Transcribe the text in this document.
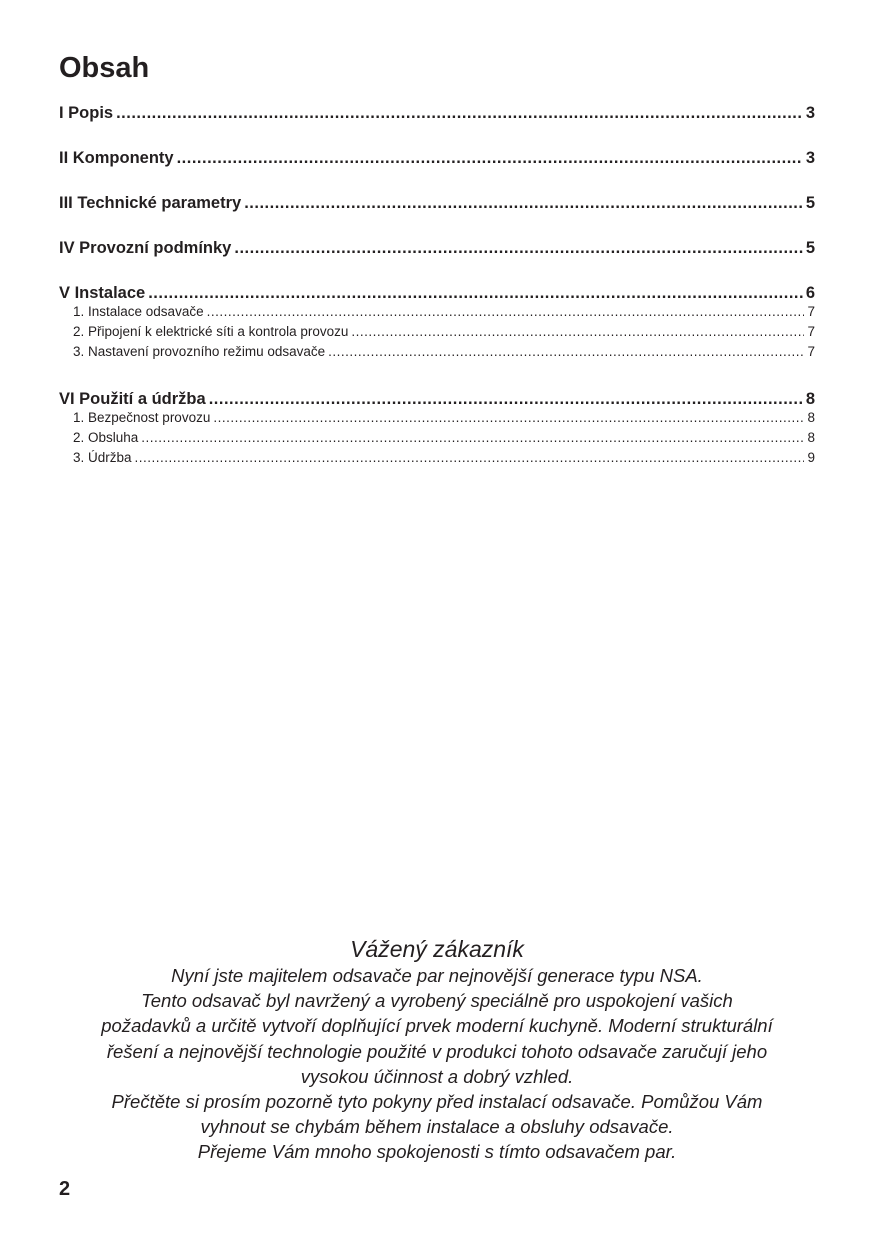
Obsah
I Popis .....	3
II Komponenty .....	3
III Technické parametry .....	5
IV Provozní podmínky .....	5
V Instalace .....	6
1. Instalace odsavače .....	7
2. Připojení k elektrické síti a kontrola provozu .....	7
3. Nastavení provozního režimu odsavače .....	7
VI Použití a údržba .....	8
1. Bezpečnost provozu .....	8
2. Obsluha .....	8
3. Údržba .....	9
Vážený zákazník

Nyní jste majitelem odsavače par nejnovější generace typu NSA.

Tento odsavač byl navržený a vyrobený speciálně pro uspokojení vašich

požadavků a určitě vytvoří doplňující prvek moderní kuchyně. Moderní strukturální

řešení a nejnovější technologie použité v produkci tohoto odsavače zaručují jeho

vysokou účinnost a dobrý vzhled.

Přečtěte si prosím pozorně tyto pokyny před instalací odsavače. Pomůžou Vám

vyhnout se chybám během instalace a obsluhy odsavače.

Přejeme Vám mnoho spokojenosti s tímto odsavačem par.

2
